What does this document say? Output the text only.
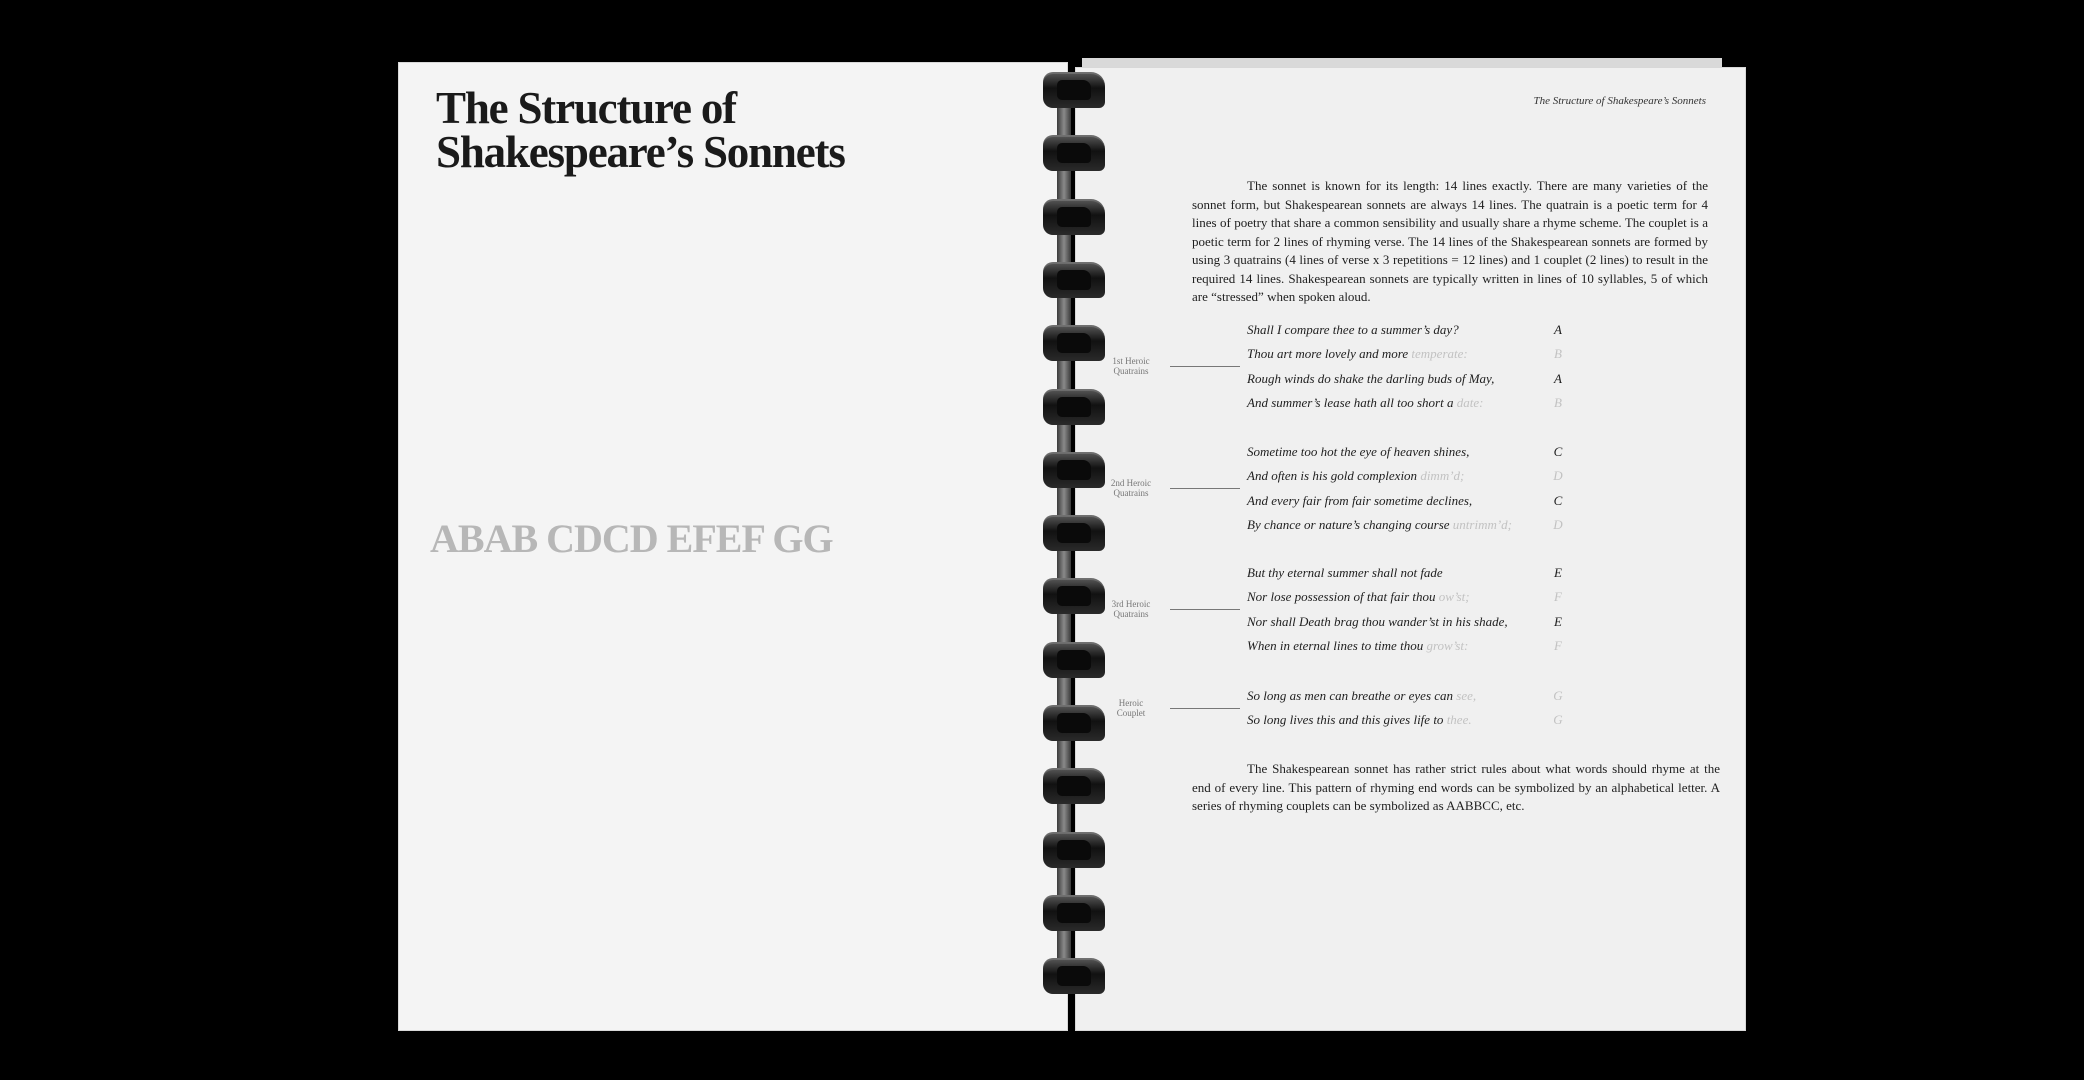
The Structure of
Shakespeare’s Sonnets
ABAB CDCD EFEF GG
The Structure of Shakespeare’s Sonnets

The sonnet is known for its length: 14 lines exactly. There are many varieties of the sonnet form, but Shakespearean sonnets are always 14 lines. The quatrain is a poetic term for 4 lines of poetry that share a common sensibility and usually share a rhyme scheme. The couplet is a poetic term for 2 lines of rhyming verse. The 14 lines of the Shakespearean sonnets are formed by using 3 quatrains (4 lines of verse x 3 repetitions = 12 lines) and 1 couplet (2 lines) to result in the required 14 lines. Shakespearean sonnets are typically written in lines of 10 syllables, 5 of which are “stressed” when spoken aloud.

1st Heroic
Quatrains
Shall I compare thee to a summer’s day?	A
Thou art more lovely and more temperate:	B
Rough winds do shake the darling buds of May,	A
And summer’s lease hath all too short a date:	B
2nd Heroic
Quatrains
Sometime too hot the eye of heaven shines,	C
And often is his gold complexion dimm’d;	D
And every fair from fair sometime declines,	C
By chance or nature’s changing course untrimm’d;	D
3rd Heroic
Quatrains
But thy eternal summer shall not fade	E
Nor lose possession of that fair thou ow’st;	F
Nor shall Death brag thou wander’st in his shade,	E
When in eternal lines to time thou grow’st:	F
Heroic
Couplet
So long as men can breathe or eyes can see,	G
So long lives this and this gives life to thee.	G

The Shakespearean sonnet has rather strict rules about what words should rhyme at the end of every line. This pattern of rhyming end words can be symbolized by an alphabetical letter. A series of rhyming couplets can be symbolized as AABBCC, etc.
